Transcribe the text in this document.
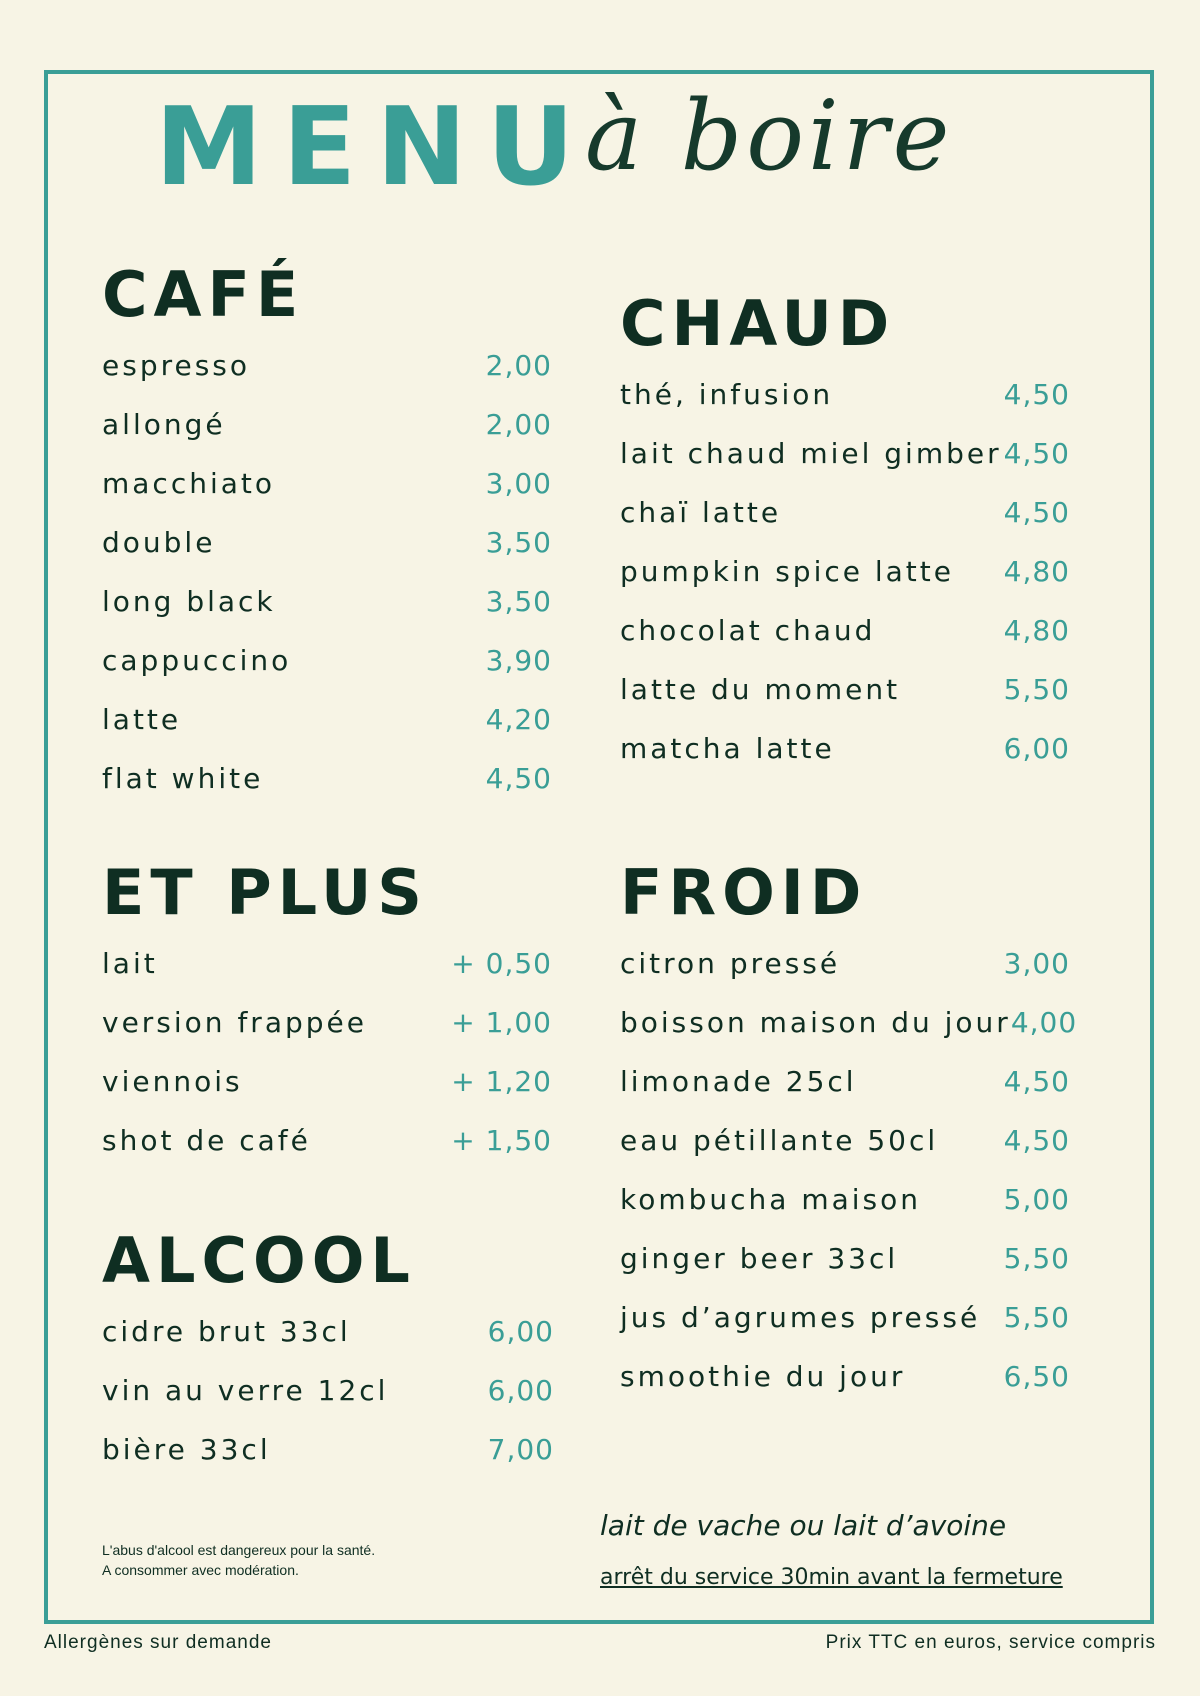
MENU
à boire
CAFÉ
espresso	2,00
allongé	2,00
macchiato	3,00
double	3,50
long black	3,50
cappuccino	3,90
latte	4,20
flat white	4,50
CHAUD
thé, infusion	4,50
lait chaud miel gimber 4,50
chaï latte	4,50
pumpkin spice latte 4,80
chocolat chaud	4,80
latte du moment	5,50
matcha latte	6,00
ET PLUS
lait	+ 0,50
version frappée	+ 1,00
viennois	+ 1,20
shot de café	+ 1,50
FROID
citron pressé	3,00
boisson maison du jour 4,00
limonade 25cl	4,50
eau pétillante 50cl 4,50
kombucha maison	5,00
ginger beer 33cl	5,50
jus d’agrumes pressé 5,50
smoothie du jour	6,50
ALCOOL
cidre brut 33cl	6,00
vin au verre 12cl	6,00
bière 33cl	7,00
L'abus d'alcool est dangereux pour la santé.
A consommer avec modération.
lait de vache ou lait d’avoine
arrêt du service 30min avant la fermeture
Allergènes sur demande	Prix TTC en euros, service compris
